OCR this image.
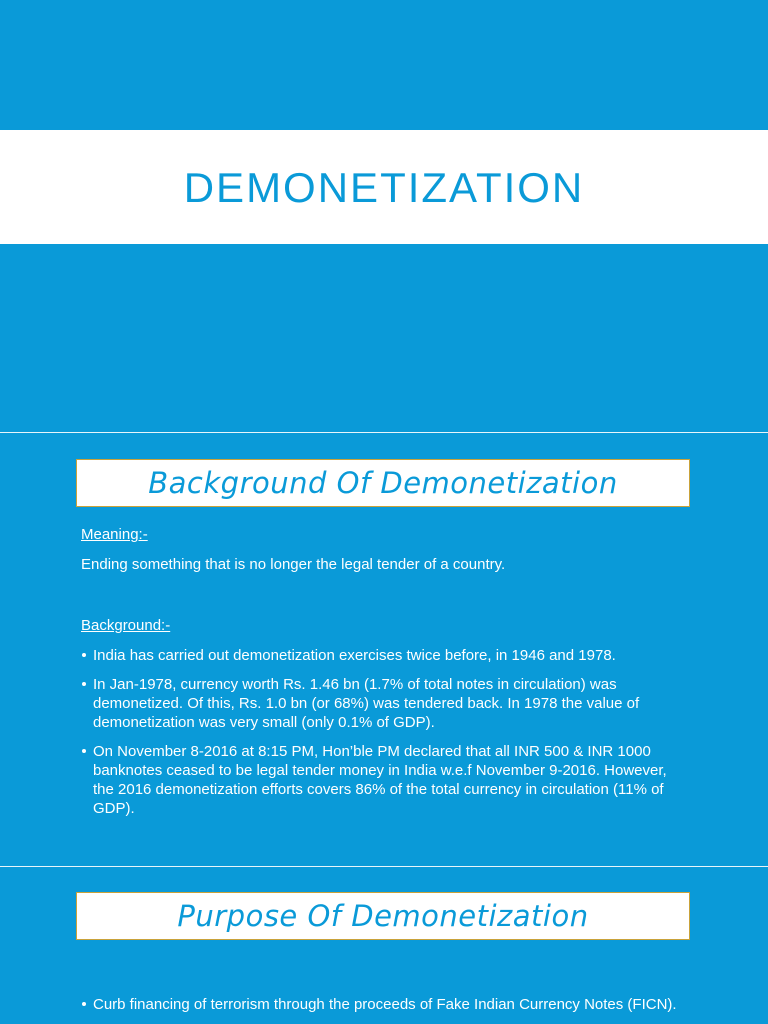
DEMONETIZATION
Background Of Demonetization
Meaning:-
Ending something that is no longer the legal tender of a country.
Background:-
India has carried out demonetization exercises twice before, in 1946 and 1978.
In Jan-1978, currency worth Rs. 1.46 bn (1.7% of total notes in circulation) was demonetized. Of this, Rs. 1.0 bn (or 68%) was tendered back. In 1978 the value of demonetization was very small (only 0.1% of GDP).
On November 8-2016 at 8:15 PM, Hon’ble PM declared that all INR 500 & INR 1000 banknotes ceased to be legal tender money in India w.e.f November 9-2016. However, the 2016 demonetization efforts covers 86% of the total currency in circulation (11% of GDP).
Purpose Of Demonetization
Curb financing of terrorism through the proceeds of Fake Indian Currency Notes (FICN).
